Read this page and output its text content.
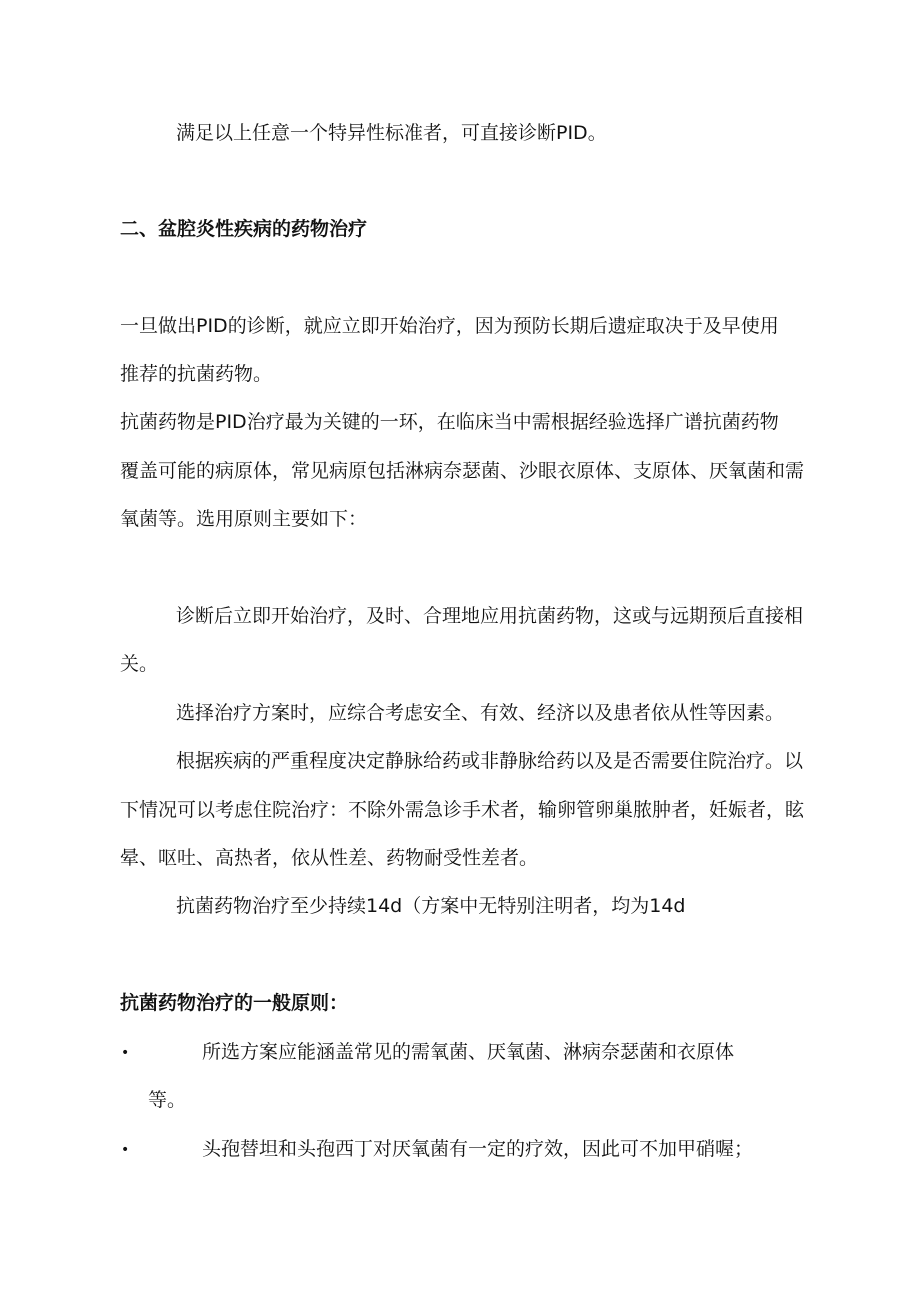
满足以上任意一个特异性标准者，可直接诊断PID。

二、盆腔炎性疾病的药物治疗

一旦做出PID的诊断，就应立即开始治疗，因为预防长期后遗症取决于及早使用

推荐的抗菌药物。

抗菌药物是PID治疗最为关键的一环，在临床当中需根据经验选择广谱抗菌药物

覆盖可能的病原体，常见病原包括淋病奈瑟菌、沙眼衣原体、支原体、厌氧菌和需

氧菌等。选用原则主要如下：

诊断后立即开始治疗，及时、合理地应用抗菌药物，这或与远期预后直接相

关。

选择治疗方案时，应综合考虑安全、有效、经济以及患者依从性等因素。

根据疾病的严重程度决定静脉给药或非静脉给药以及是否需要住院治疗。以

下情况可以考虑住院治疗：不除外需急诊手术者，输卵管卵巢脓肿者，妊娠者，眩

晕、呕吐、高热者，依从性差、药物耐受性差者。

抗菌药物治疗至少持续14d（方案中无特别注明者，均为14d

抗菌药物治疗的一般原则：

•	所选方案应能涵盖常见的需氧菌、厌氧菌、淋病奈瑟菌和衣原体

等。

•	头孢替坦和头孢西丁对厌氧菌有一定的疗效，因此可不加甲硝喔；
